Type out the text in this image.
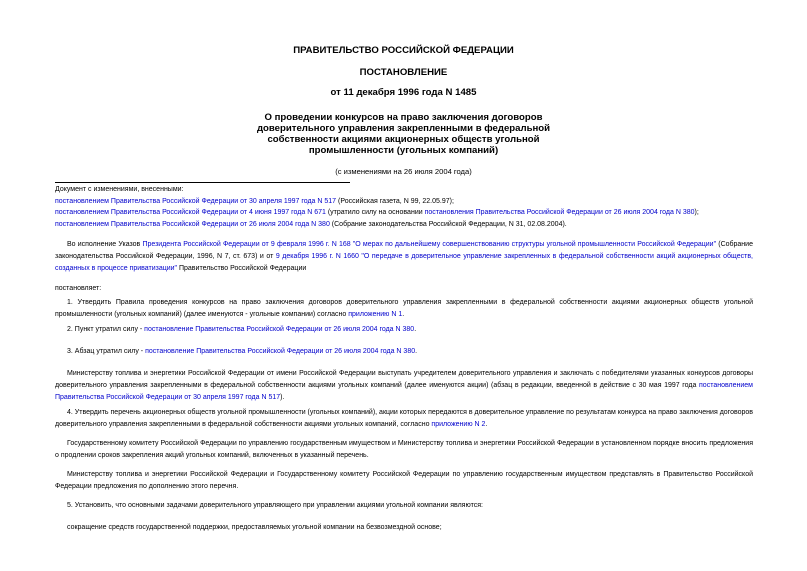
ПРАВИТЕЛЬСТВО РОССИЙСКОЙ ФЕДЕРАЦИИ

ПОСТАНОВЛЕНИЕ

от 11 декабря 1996 года N 1485

О проведении конкурсов на право заключения договоров
доверительного управления закрепленными в федеральной
собственности акциями акционерных обществ угольной
промышленности (угольных компаний)

(с изменениями на 26 июля 2004 года)
Документ с изменениями, внесенными:
постановлением Правительства Российской Федерации от 30 апреля 1997 года N 517 (Российская газета, N 99, 22.05.97);
постановлением Правительства Российской Федерации от 4 июня 1997 года N 671 (утратило силу на основании постановления Правительства Российской Федерации от 26 июля 2004 года N 380);
постановлением Правительства Российской Федерации от 26 июля 2004 года N 380 (Собрание законодательства Российской Федерации, N 31, 02.08.2004).

Во исполнение Указов Президента Российской Федерации от 9 февраля 1996 г. N 168 "О мерах по дальнейшему совершенствованию структуры угольной промышленности Российской Федерации" (Собрание законодательства Российской Федерации, 1996, N 7, ст. 673) и от 9 декабря 1996 г. N 1660 "О передаче в доверительное управление закрепленных в федеральной собственности акций акционерных обществ, созданных в процессе приватизации" Правительство Российской Федерации

постановляет:

1. Утвердить Правила проведения конкурсов на право заключения договоров доверительного управления закрепленными в федеральной собственности акциями акционерных обществ угольной промышленности (угольных компаний) (далее именуются - угольные компании) согласно приложению N 1.

2. Пункт утратил силу - постановление Правительства Российской Федерации от 26 июля 2004 года N 380.

3. Абзац утратил силу - постановление Правительства Российской Федерации от 26 июля 2004 года N 380.

Министерству топлива и энергетики Российской Федерации от имени Российской Федерации выступать учредителем доверительного управления и заключать с победителями указанных конкурсов договоры доверительного управления закрепленными в федеральной собственности акциями угольных компаний (далее именуются акции) (абзац в редакции, введенной в действие с 30 мая 1997 года постановлением Правительства Российской Федерации от 30 апреля 1997 года N 517).

4. Утвердить перечень акционерных обществ угольной промышленности (угольных компаний), акции которых передаются в доверительное управление по результатам конкурса на право заключения договоров доверительного управления закрепленными в федеральной собственности акциями угольных компаний, согласно приложению N 2.

Государственному комитету Российской Федерации по управлению государственным имуществом и Министерству топлива и энергетики Российской Федерации в установленном порядке вносить предложения о продлении сроков закрепления акций угольных компаний, включенных в указанный перечень.

Министерству топлива и энергетики Российской Федерации и Государственному комитету Российской Федерации по управлению государственным имуществом представлять в Правительство Российской Федерации предложения по дополнению этого перечня.

5. Установить, что основными задачами доверительного управляющего при управлении акциями угольной компании являются:

сокращение средств государственной поддержки, предоставляемых угольной компании на безвозмездной основе;
